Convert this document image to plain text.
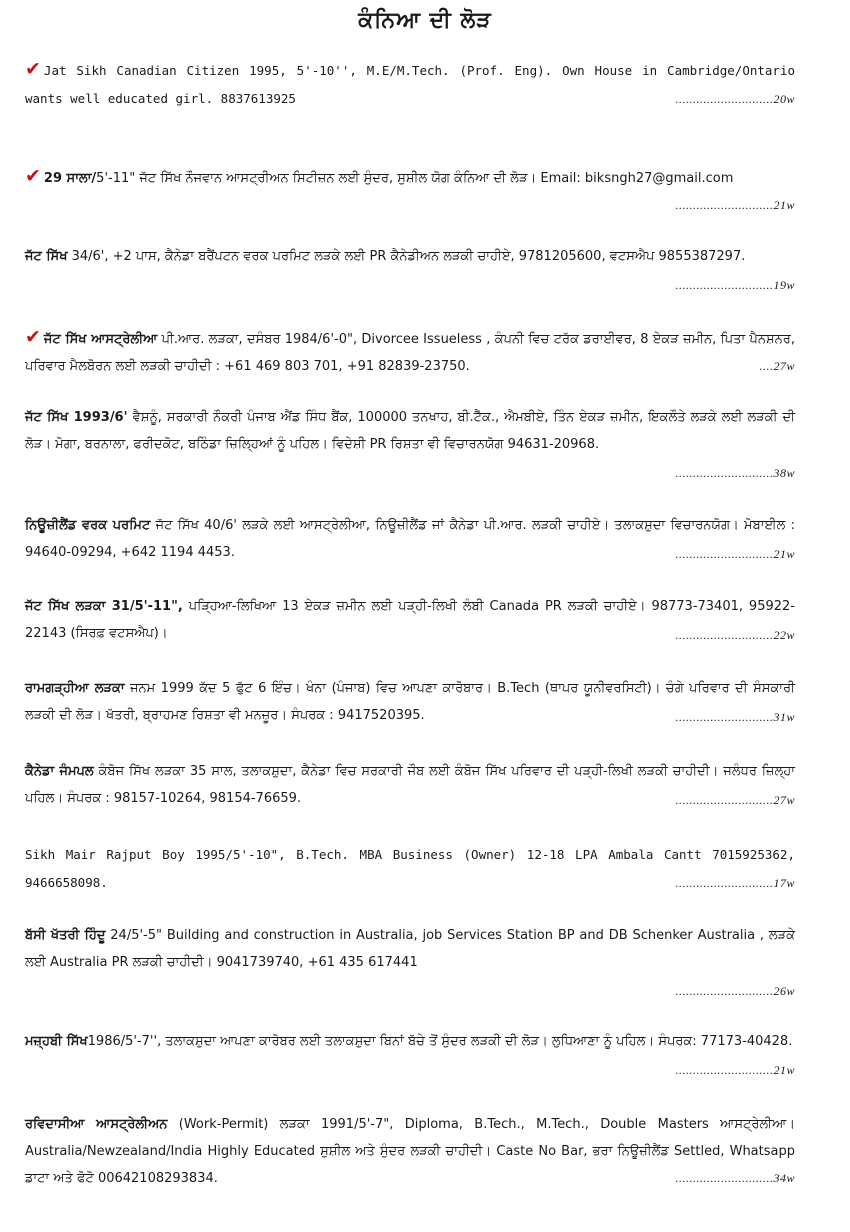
ਕੰਨਿਆ ਦੀ ਲੋੜ
✔ Jat Sikh Canadian Citizen 1995, 5'-10'', M.E/M.Tech. (Prof. Eng). Own House in Cambridge/Ontario wants well educated girl. 8837613925	............................20w
✔ 29 ਸਾਲਾ/5'-11" ਜੱਟ ਸਿੱਖ ਨੌਜਵਾਨ ਆਸਟ੍ਰੀਅਨ ਸਿਟੀਜ਼ਨ ਲਈ ਸੁੰਦਰ, ਸੁਸ਼ੀਲ ਯੋਗ ਕੰਨਿਆ ਦੀ ਲੋੜ। Email: biksngh27@gmail.com
............................21w
ਜੱਟ ਸਿੱਖ 34/6', +2 ਪਾਸ, ਕੈਨੇਡਾ ਬਰੈਂਪਟਨ ਵਰਕ ਪਰਮਿਟ ਲੜਕੇ ਲਈ PR ਕੈਨੇਡੀਅਨ ਲੜਕੀ ਚਾਹੀਏ, 9781205600, ਵਟਸਐਪ 9855387297.
............................19w
✔ ਜੱਟ ਸਿੱਖ ਆਸਟ੍ਰੇਲੀਆ ਪੀ.ਆਰ. ਲੜਕਾ, ਦਸੰਬਰ 1984/6'-0", Divorcee Issueless , ਕੰਪਨੀ ਵਿਚ ਟਰੱਕ ਡਰਾਈਵਰ, 8 ਏਕੜ ਜ਼ਮੀਨ, ਪਿਤਾ ਪੈਨਸ਼ਨਰ, ਪਰਿਵਾਰ ਮੈਲਬੋਰਨ ਲਈ ਲੜਕੀ ਚਾਹੀਦੀ : +61 469 803 701, +91 82839-23750.	....27w
ਜੱਟ ਸਿੱਖ 1993/6' ਵੈਸ਼ਨੂੰ, ਸਰਕਾਰੀ ਨੌਕਰੀ ਪੰਜਾਬ ਐਂਡ ਸਿੰਧ ਬੈਂਕ, 100000 ਤਨਖਾਹ, ਬੀ.ਟੈੱਕ., ਐਮਬੀਏ, ਤਿੰਨ ਏਕੜ ਜ਼ਮੀਨ, ਇਕਲੌਤੇ ਲੜਕੇ ਲਈ ਲੜਕੀ ਦੀ ਲੋੜ। ਮੋਗਾ, ਬਰਨਾਲਾ, ਫਰੀਦਕੋਟ, ਬਠਿੰਡਾ ਜ਼ਿਲ੍ਹਿਆਂ ਨੂੰ ਪਹਿਲ। ਵਿਦੇਸ਼ੀ PR ਰਿਸ਼ਤਾ ਵੀ ਵਿਚਾਰਨਯੋਗ 94631-20968.
............................38w
ਨਿਊਜ਼ੀਲੈਂਡ ਵਰਕ ਪਰਮਿਟ ਜੱਟ ਸਿੱਖ 40/6' ਲੜਕੇ ਲਈ ਆਸਟ੍ਰੇਲੀਆ, ਨਿਊਜ਼ੀਲੈਂਡ ਜਾਂ ਕੈਨੇਡਾ ਪੀ.ਆਰ. ਲੜਕੀ ਚਾਹੀਏ। ਤਲਾਕਸ਼ੁਦਾ ਵਿਚਾਰਨਯੋਗ। ਮੋਬਾਈਲ : 94640-09294, +642 1194 4453.	............................21w
ਜੱਟ ਸਿੱਖ ਲੜਕਾ 31/5'-11", ਪੜ੍ਹਿਆ-ਲਿਖਿਆ 13 ਏਕੜ ਜ਼ਮੀਨ ਲਈ ਪੜ੍ਹੀ-ਲਿਖੀ ਲੰਬੀ Canada PR ਲੜਕੀ ਚਾਹੀਏ। 98773-73401, 95922-22143 (ਸਿਰਫ਼ ਵਟਸਐਪ)।	............................22w
ਰਾਮਗੜ੍ਹੀਆ ਲੜਕਾ ਜਨਮ 1999 ਕੱਦ 5 ਫੁੱਟ 6 ਇੰਚ। ਖੰਨਾ (ਪੰਜਾਬ) ਵਿਚ ਆਪਣਾ ਕਾਰੋਬਾਰ। B.Tech (ਥਾਪਰ ਯੂਨੀਵਰਸਿਟੀ)। ਚੰਗੇ ਪਰਿਵਾਰ ਦੀ ਸੰਸਕਾਰੀ ਲੜਕੀ ਦੀ ਲੋੜ। ਖੱਤਰੀ, ਬ੍ਰਾਹਮਣ ਰਿਸ਼ਤਾ ਵੀ ਮਨਜ਼ੂਰ। ਸੰਪਰਕ : 9417520395.	............................31w
ਕੈਨੇਡਾ ਜੰਮਪਲ ਕੰਬੋਜ ਸਿੱਖ ਲੜਕਾ 35 ਸਾਲ, ਤਲਾਕਸ਼ੁਦਾ, ਕੈਨੇਡਾ ਵਿਚ ਸਰਕਾਰੀ ਜੌਬ ਲਈ ਕੰਬੋਜ ਸਿੱਖ ਪਰਿਵਾਰ ਦੀ ਪੜ੍ਹੀ-ਲਿਖੀ ਲੜਕੀ ਚਾਹੀਦੀ। ਜਲੰਧਰ ਜ਼ਿਲ੍ਹਾ ਪਹਿਲ। ਸੰਪਰਕ : 98157-10264, 98154-76659.	............................27w
Sikh Mair Rajput Boy 1995/5'-10", B.Tech. MBA Business (Owner) 12-18 LPA Ambala Cantt 7015925362, 9466658098.	............................17w
ਬੱਸੀ ਖੱਤਰੀ ਹਿੰਦੂ 24/5'-5" Building and construction in Australia, job Services Station BP and DB Schenker Australia , ਲੜਕੇ ਲਈ Australia PR ਲੜਕੀ ਚਾਹੀਦੀ। 9041739740, +61 435 617441
............................26w
ਮਜ਼੍ਹਬੀ ਸਿੱਖ1986/5'-7'', ਤਲਾਕਸ਼ੁਦਾ ਆਪਣਾ ਕਾਰੋਬਰ ਲਈ ਤਲਾਕਸ਼ੁਦਾ ਬਿਨਾਂ ਬੱਚੇ ਤੋਂ ਸੁੰਦਰ ਲੜਕੀ ਦੀ ਲੋੜ। ਲੁਧਿਆਣਾ ਨੂੰ ਪਹਿਲ। ਸੰਪਰਕ: 77173-40428.
............................21w
ਰਵਿਦਾਸੀਆ ਆਸਟ੍ਰੇਲੀਅਨ (Work-Permit) ਲੜਕਾ 1991/5'-7", Diploma, B.Tech., M.Tech., Double Masters ਆਸਟ੍ਰੇਲੀਆ। Australia/Newzealand/India Highly Educated ਸੁਸ਼ੀਲ ਅਤੇ ਸੁੰਦਰ ਲੜਕੀ ਚਾਹੀਦੀ। Caste No Bar, ਭਰਾ ਨਿਊਜ਼ੀਲੈਂਡ Settled, Whatsapp ਡਾਟਾ ਅਤੇ ਫੋਟੋ 00642108293834.	............................34w
